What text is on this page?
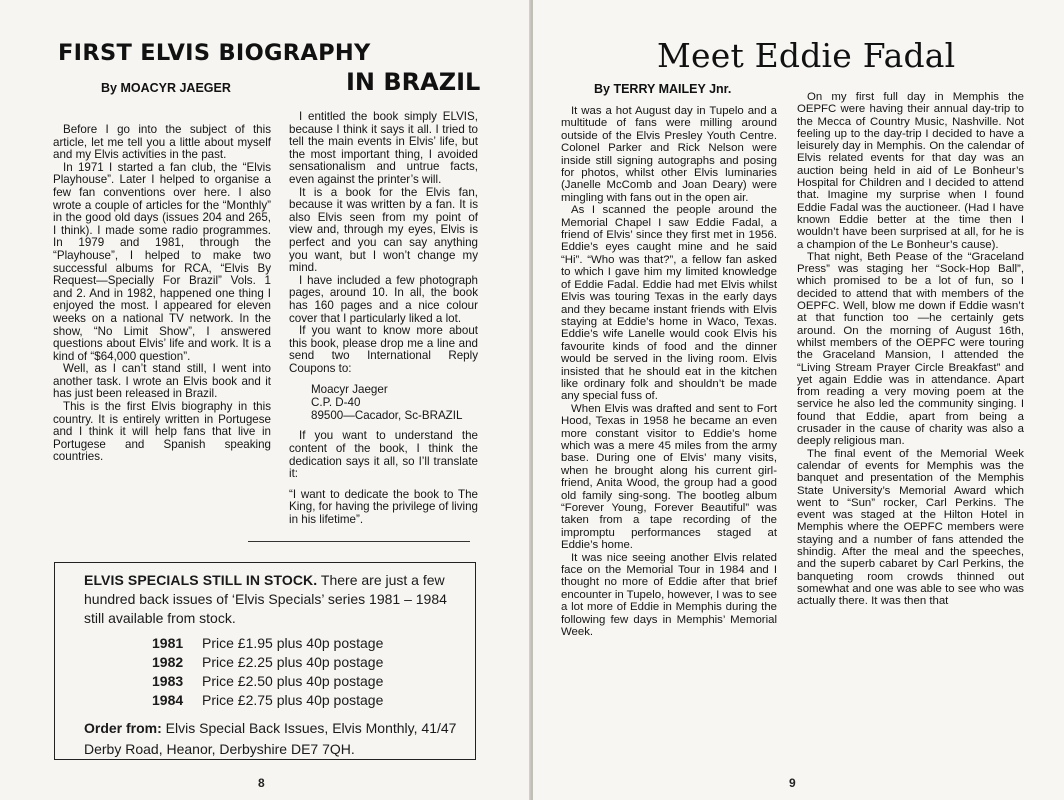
FIRST ELVIS BIOGRAPHY
By MOACYR JAEGER	IN BRAZIL

Before I go into the subject of this article, let me tell you a little about myself and my Elvis activities in the past.

In 1971 I started a fan club, the “Elvis Playhouse”. Later I helped to organise a few fan conventions over here. I also wrote a couple of articles for the “Monthly” in the good old days (issues 204 and 265, I think). I made some radio programmes. In 1979 and 1981, through the “Playhouse”, I helped to make two successful albums for RCA, “Elvis By Request—Specially For Brazil” Vols. 1 and 2. And in 1982, happened one thing I enjoyed the most. I appeared for eleven weeks on a national TV network. In the show, “No Limit Show”, I answered questions about Elvis’ life and work. It is a kind of “$64,000 question”.

Well, as I can’t stand still, I went into another task. I wrote an Elvis book and it has just been released in Brazil.

This is the first Elvis biography in this country. It is entirely written in Portugese and I think it will help fans that live in Portugese and Spanish speaking countries.

I entitled the book simply ELVIS, because I think it says it all. I tried to tell the main events in Elvis’ life, but the most important thing, I avoided sensationalism and untrue facts, even against the printer’s will.

It is a book for the Elvis fan, because it was written by a fan. It is also Elvis seen from my point of view and, through my eyes, Elvis is perfect and you can say anything you want, but I won’t change my mind.

I have included a few photograph pages, around 10. In all, the book has 160 pages and a nice colour cover that I particularly liked a lot.

If you want to know more about this book, please drop me a line and send two International Reply Coupons to:

Moacyr Jaeger
C.P. D-40
89500—Cacador, Sc-BRAZIL

If you want to understand the content of the book, I think the dedication says it all, so I’ll translate it:

“I want to dedicate the book to The King, for having the privilege of living in his lifetime”.

ELVIS SPECIALS STILL IN STOCK. There are just a few hundred back issues of ‘Elvis Specials’ series 1981 – 1984 still available from stock.
1981	Price £1.95 plus 40p postage
1982	Price £2.25 plus 40p postage
1983	Price £2.50 plus 40p postage
1984	Price £2.75 plus 40p postage
Order from: Elvis Special Back Issues, Elvis Monthly, 41/47 Derby Road, Heanor, Derbyshire DE7 7QH.
8
Meet Eddie Fadal
By TERRY MAILEY Jnr.

It was a hot August day in Tupelo and a multitude of fans were milling around outside of the Elvis Presley Youth Centre. Colonel Parker and Rick Nelson were inside still signing autographs and posing for photos, whilst other Elvis luminaries (Janelle McComb and Joan Deary) were mingling with fans out in the open air.

As I scanned the people around the Memorial Chapel I saw Eddie Fadal, a friend of Elvis’ since they first met in 1956. Eddie’s eyes caught mine and he said “Hi”. “Who was that?”, a fellow fan asked to which I gave him my limited knowledge of Eddie Fadal. Eddie had met Elvis whilst Elvis was touring Texas in the early days and they became instant friends with Elvis staying at Eddie’s home in Waco, Texas. Eddie’s wife Lanelle would cook Elvis his favourite kinds of food and the dinner would be served in the living room. Elvis insisted that he should eat in the kitchen like ordinary folk and shouldn’t be made any special fuss of.

When Elvis was drafted and sent to Fort Hood, Texas in 1958 he became an even more constant visitor to Eddie’s home which was a mere 45 miles from the army base. During one of Elvis’ many visits, when he brought along his current girl-friend, Anita Wood, the group had a good old family sing-song. The bootleg album “Forever Young, Forever Beautiful” was taken from a tape recording of the impromptu performances staged at Eddie’s home.

It was nice seeing another Elvis related face on the Memorial Tour in 1984 and I thought no more of Eddie after that brief encounter in Tupelo, however, I was to see a lot more of Eddie in Memphis during the following few days in Memphis’ Memorial Week.

On my first full day in Memphis the OEPFC were having their annual day-trip to the Mecca of Country Music, Nashville. Not feeling up to the day-trip I decided to have a leisurely day in Memphis. On the calendar of Elvis related events for that day was an auction being held in aid of Le Bonheur’s Hospital for Children and I decided to attend that. Imagine my surprise when I found Eddie Fadal was the auctioneer. (Had I have known Eddie better at the time then I wouldn’t have been surprised at all, for he is a champion of the Le Bonheur’s cause).

That night, Beth Pease of the “Graceland Press” was staging her “Sock-Hop Ball”, which promised to be a lot of fun, so I decided to attend that with members of the OEPFC. Well, blow me down if Eddie wasn’t at that function too —he certainly gets around. On the morning of August 16th, whilst members of the OEPFC were touring the Graceland Mansion, I attended the “Living Stream Prayer Circle Breakfast” and yet again Eddie was in attendance. Apart from reading a very moving poem at the service he also led the community singing. I found that Eddie, apart from being a crusader in the cause of charity was also a deeply religious man.

The final event of the Memorial Week calendar of events for Memphis was the banquet and presentation of the Memphis State University’s Memorial Award which went to “Sun” rocker, Carl Perkins. The event was staged at the Hilton Hotel in Memphis where the OEPFC members were staying and a number of fans attended the shindig. After the meal and the speeches, and the superb cabaret by Carl Perkins, the banqueting room crowds thinned out somewhat and one was able to see who was actually there. It was then that

9
